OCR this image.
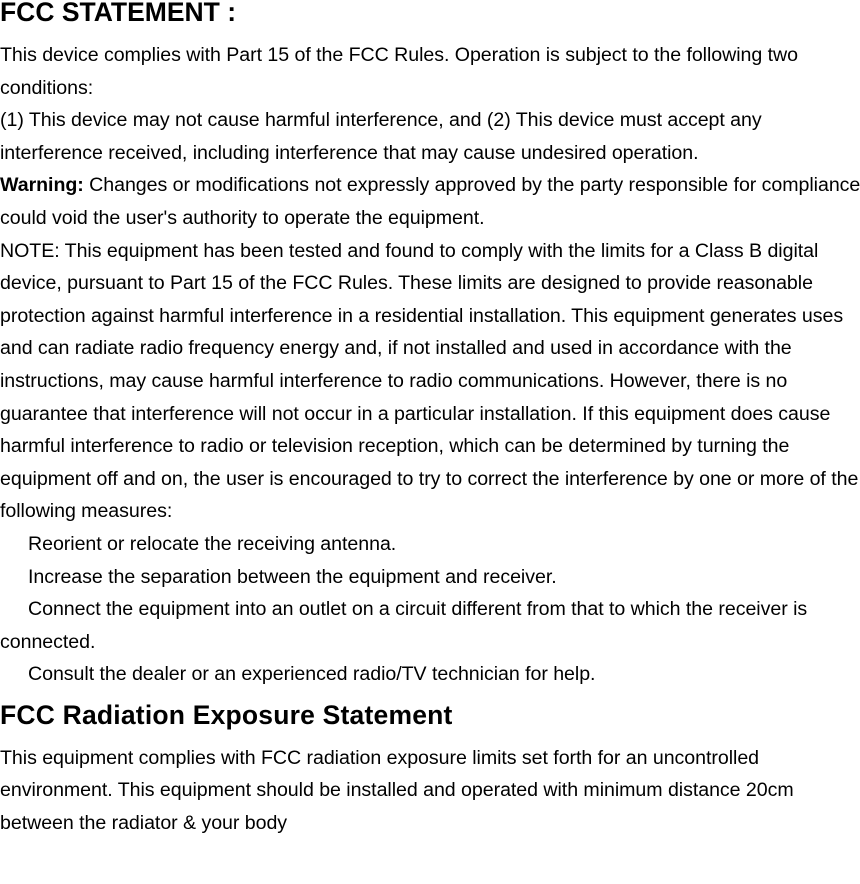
FCC STATEMENT :

This device complies with Part 15 of the FCC Rules. Operation is subject to the following two conditions:

(1) This device may not cause harmful interference, and (2) This device must accept any interference received, including interference that may cause undesired operation.

Warning: Changes or modifications not expressly approved by the party responsible for compliance could void the user's authority to operate the equipment.

NOTE: This equipment has been tested and found to comply with the limits for a Class B digital device, pursuant to Part 15 of the FCC Rules. These limits are designed to provide reasonable protection against harmful interference in a residential installation. This equipment generates uses and can radiate radio frequency energy and, if not installed and used in accordance with the instructions, may cause harmful interference to radio communications. However, there is no guarantee that interference will not occur in a particular installation. If this equipment does cause harmful interference to radio or television reception, which can be determined by turning the equipment off and on, the user is encouraged to try to correct the interference by one or more of the following measures:

Reorient or relocate the receiving antenna.

Increase the separation between the equipment and receiver.

Connect the equipment into an outlet on a circuit different from that to which the receiver is connected.

Consult the dealer or an experienced radio/TV technician for help.

FCC Radiation Exposure Statement

This equipment complies with FCC radiation exposure limits set forth for an uncontrolled environment. This equipment should be installed and operated with minimum distance 20cm between the radiator & your body
